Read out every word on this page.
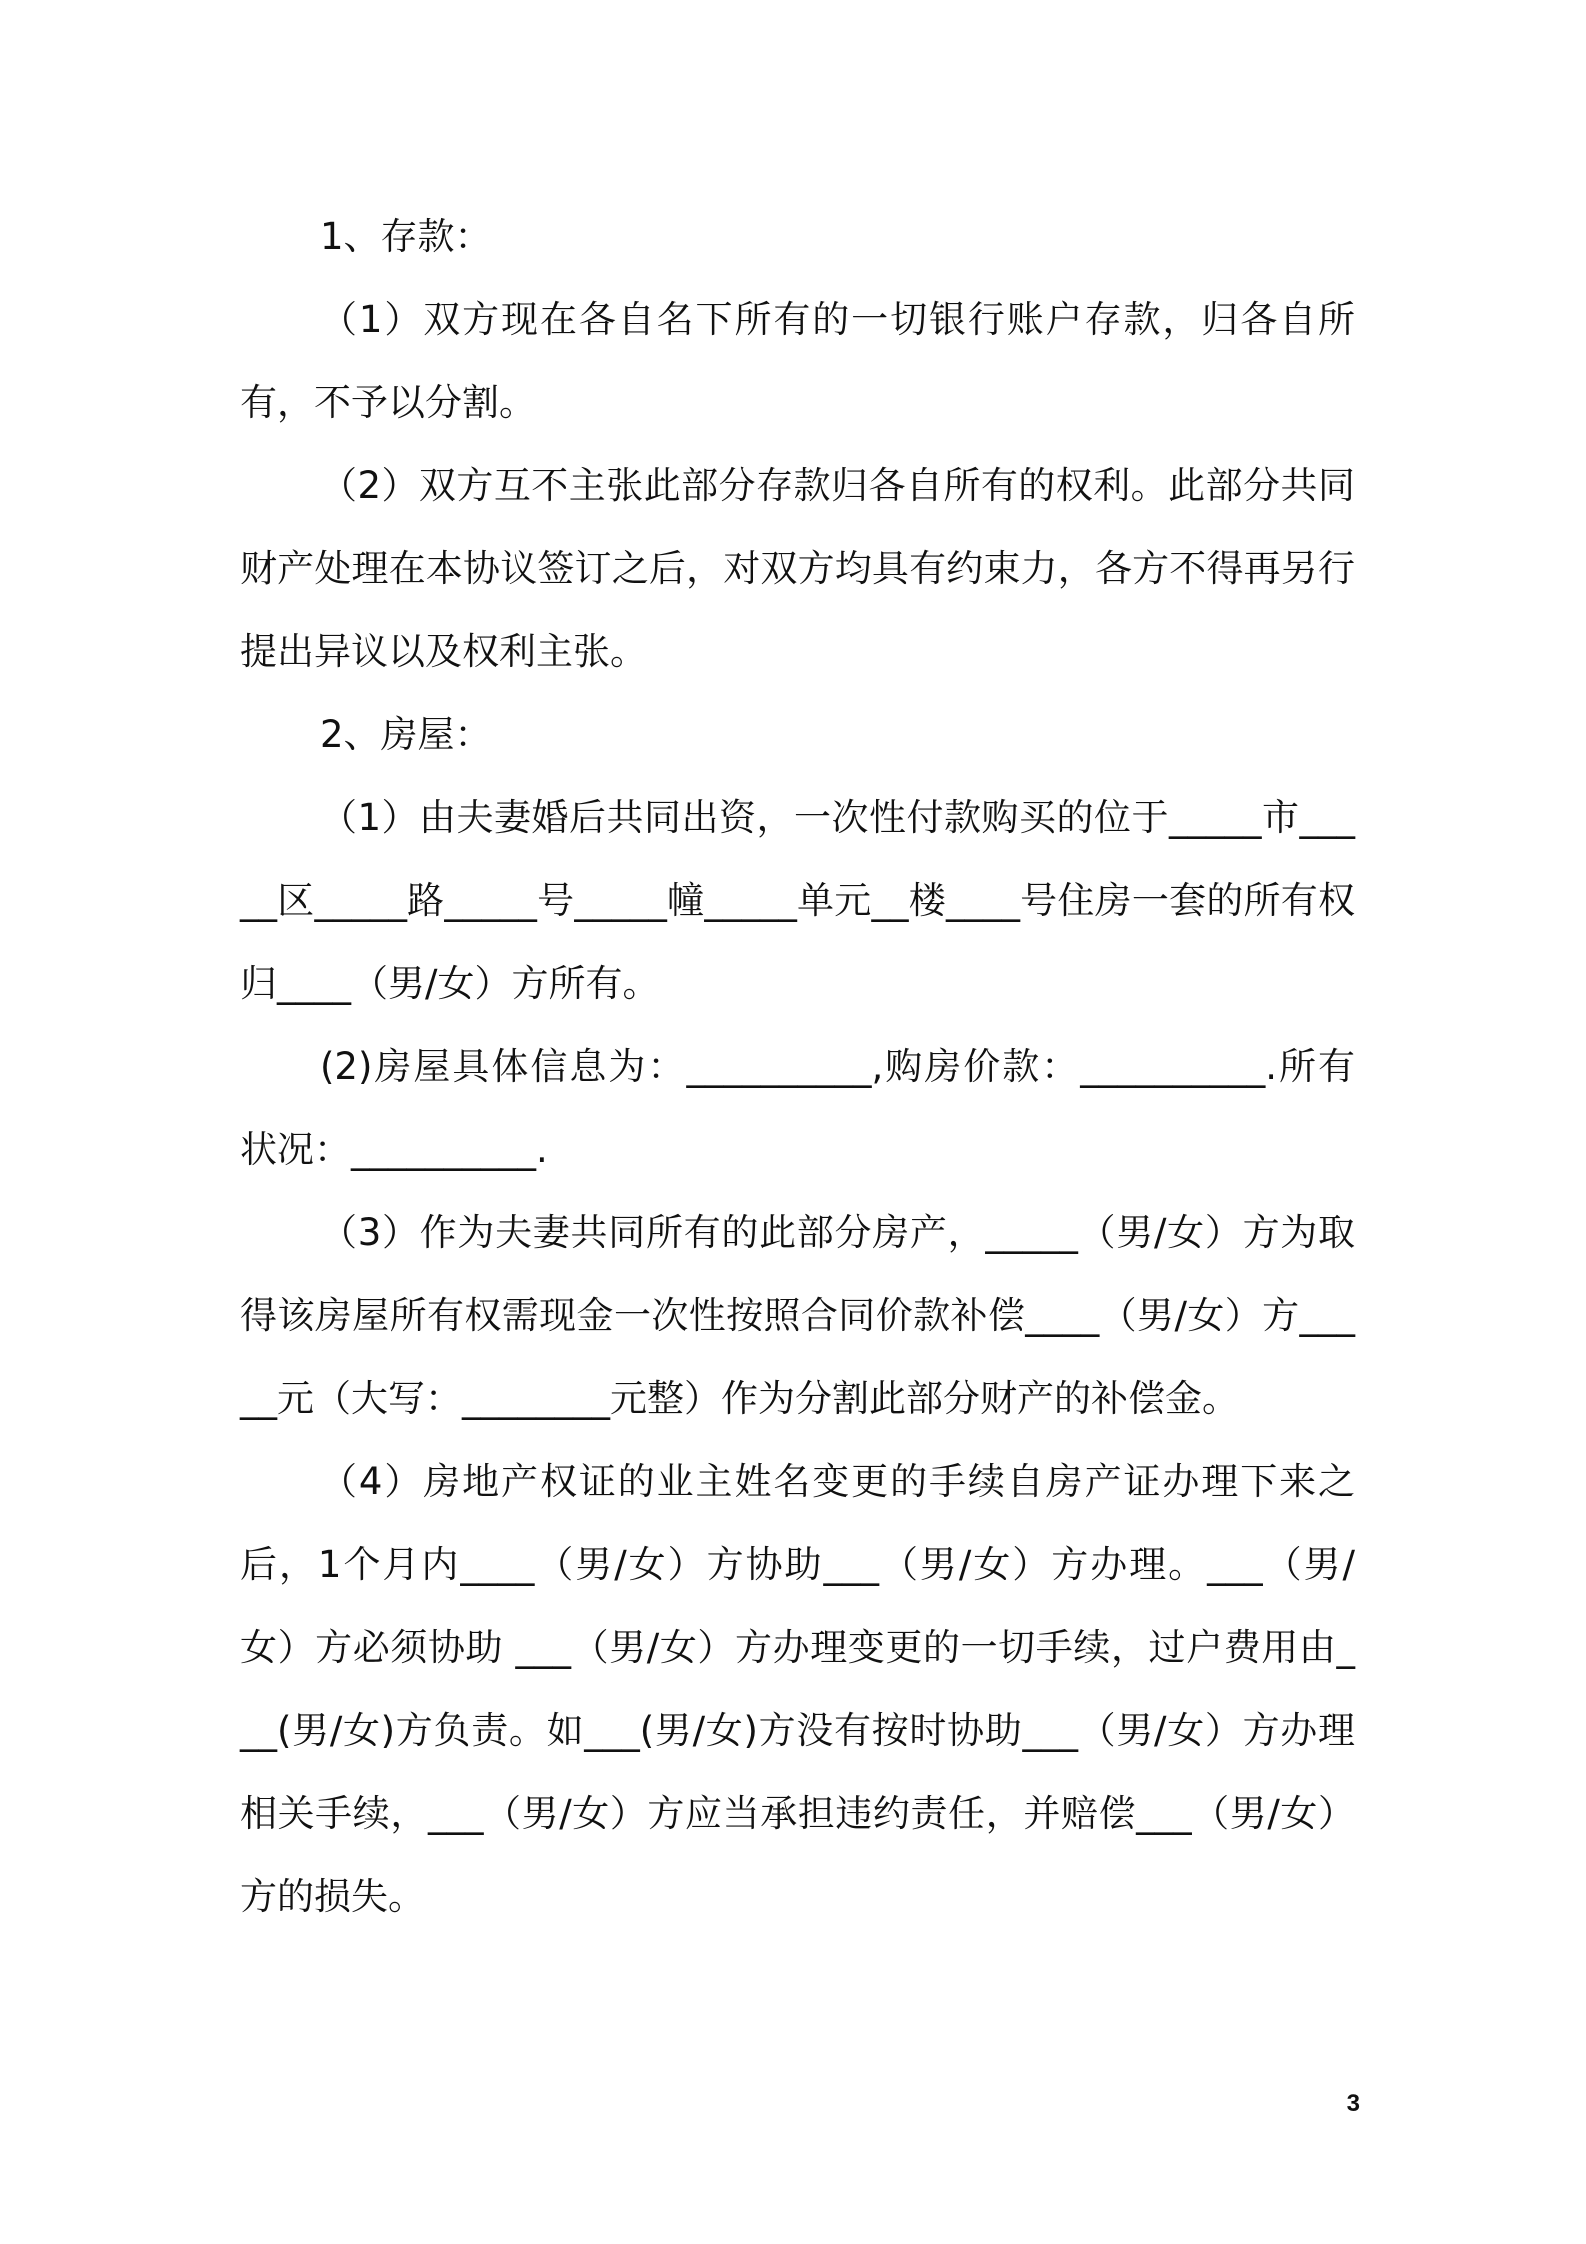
1、存款：

（1）双方现在各自名下所有的一切银行账户存款，归各自所有，不予以分割。

（2）双方互不主张此部分存款归各自所有的权利。此部分共同财产处理在本协议签订之后，对双方均具有约束力，各方不得再另行提出异议以及权利主张。

2、房屋：

（1）由夫妻婚后共同出资，一次性付款购买的位于_____市_____区_____路_____号_____幢_____单元__楼____号住房一套的所有权归____（男/女）方所有。

(2)房屋具体信息为：__________,购房价款：__________.所有状况：__________.

（3）作为夫妻共同所有的此部分房产，_____（男/女）方为取得该房屋所有权需现金一次性按照合同价款补偿____（男/女）方_____元（大写：________元整）作为分割此部分财产的补偿金。

（4）房地产权证的业主姓名变更的手续自房产证办理下来之后，1个月内____（男/女）方协助___（男/女）方办理。___（男/女）方必须协助 ___（男/女）方办理变更的一切手续，过户费用由___(男/女)方负责。如___(男/女)方没有按时协助___（男/女）方办理相关手续，___（男/女）方应当承担违约责任，并赔偿___（男/女）方的损失。

3
